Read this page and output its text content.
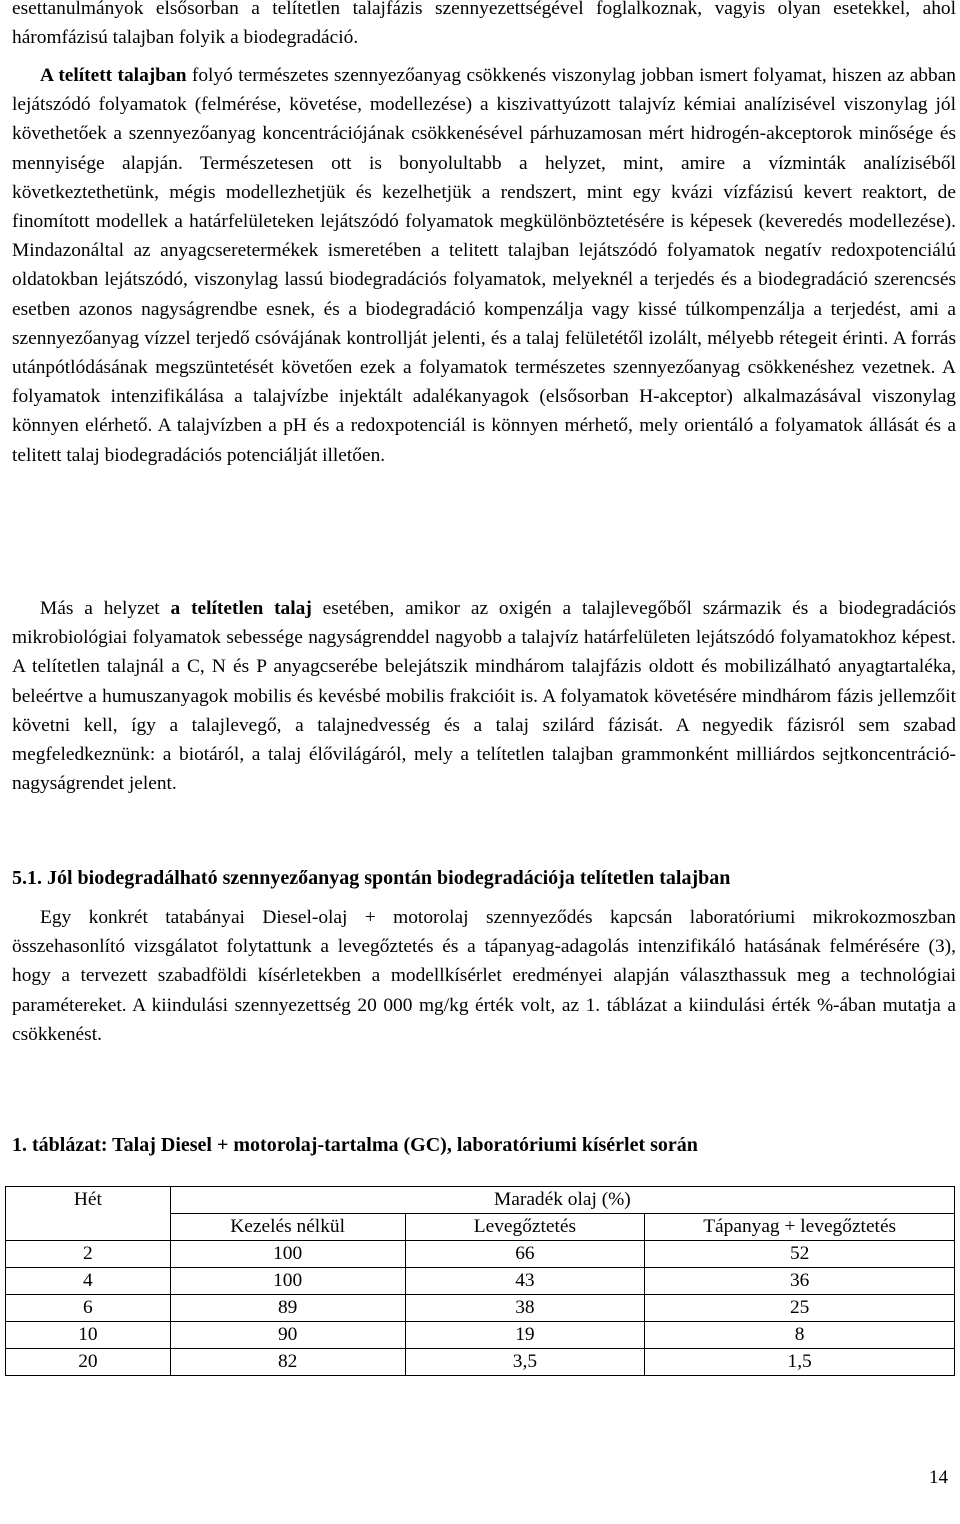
esettanulmányok elsősorban a telítetlen talajfázis szennyezettségével foglalkoznak, vagyis olyan esetekkel, ahol háromfázisú talajban folyik a biodegradáció.

A telített talajban folyó természetes szennyezőanyag csökkenés viszonylag jobban ismert folyamat, hiszen az abban lejátszódó folyamatok (felmérése, követése, modellezése) a kiszivattyúzott talajvíz kémiai analízisével viszonylag jól követhetőek a szennyezőanyag koncentrációjának csökkenésével párhuzamosan mért hidrogén-akceptorok minősége és mennyisége alapján. Természetesen ott is bonyolultabb a helyzet, mint, amire a vízminták analíziséből következtethetünk, mégis modellezhetjük és kezelhetjük a rendszert, mint egy kvázi vízfázisú kevert reaktort, de finomított modellek a határfelületeken lejátszódó folyamatok megkülönböztetésére is képesek (keveredés modellezése). Mindazonáltal az anyagcseretermékek ismeretében a telitett talajban lejátszódó folyamatok negatív redoxpotenciálú oldatokban lejátszódó, viszonylag lassú biodegradációs folyamatok, melyeknél a terjedés és a biodegradáció szerencsés esetben azonos nagyságrendbe esnek, és a biodegradáció kompenzálja vagy kissé túlkompenzálja a terjedést, ami a szennyezőanyag vízzel terjedő csóvájának kontrollját jelenti, és a talaj felületétől izolált, mélyebb rétegeit érinti. A forrás utánpótlódásának megszüntetését követően ezek a folyamatok természetes szennyezőanyag csökkenéshez vezetnek. A folyamatok intenzifikálása a talajvízbe injektált adalékanyagok (elsősorban H-akceptor) alkalmazásával viszonylag könnyen elérhető. A talajvízben a pH és a redoxpotenciál is könnyen mérhető, mely orientáló a folyamatok állását és a telitett talaj biodegradációs potenciálját illetően.

Más a helyzet a telítetlen talaj esetében, amikor az oxigén a talajlevegőből származik és a biodegradációs mikrobiológiai folyamatok sebessége nagyságrenddel nagyobb a talajvíz határfelületen lejátszódó folyamatokhoz képest. A telítetlen talajnál a C, N és P anyagcserébe belejátszik mindhárom talajfázis oldott és mobilizálható anyagtartaléka, beleértve a humuszanyagok mobilis és kevésbé mobilis frakcióit is. A folyamatok követésére mindhárom fázis jellemzőit követni kell, így a talajlevegő, a talajnedvesség és a talaj szilárd fázisát. A negyedik fázisról sem szabad megfeledkeznünk: a biotáról, a talaj élővilágáról, mely a telítetlen talajban grammonként milliárdos sejtkoncentráció-nagyságrendet jelent.

5.1. Jól biodegradálható szennyezőanyag spontán biodegradációja telítetlen talajban

Egy konkrét tatabányai Diesel-olaj + motorolaj szennyeződés kapcsán laboratóriumi mikrokozmoszban összehasonlító vizsgálatot folytattunk a levegőztetés és a tápanyag-adagolás intenzifikáló hatásának felmérésére (3), hogy a tervezett szabadföldi kísérletekben a modellkísérlet eredményei alapján választhassuk meg a technológiai paramétereket. A kiindulási szennyezettség 20 000 mg/kg érték volt, az 1. táblázat a kiindulási érték %-ában mutatja a csökkenést.

1. táblázat: Talaj Diesel + motorolaj-tartalma (GC), laboratóriumi kísérlet során
Hét	Maradék olaj (%)		
	Kezelés nélkül	Levegőztetés	Tápanyag + levegőztetés
2	100	66	52
4	100	43	36
6	89	38	25
10	90	19	8
20	82	3,5	1,5
14
